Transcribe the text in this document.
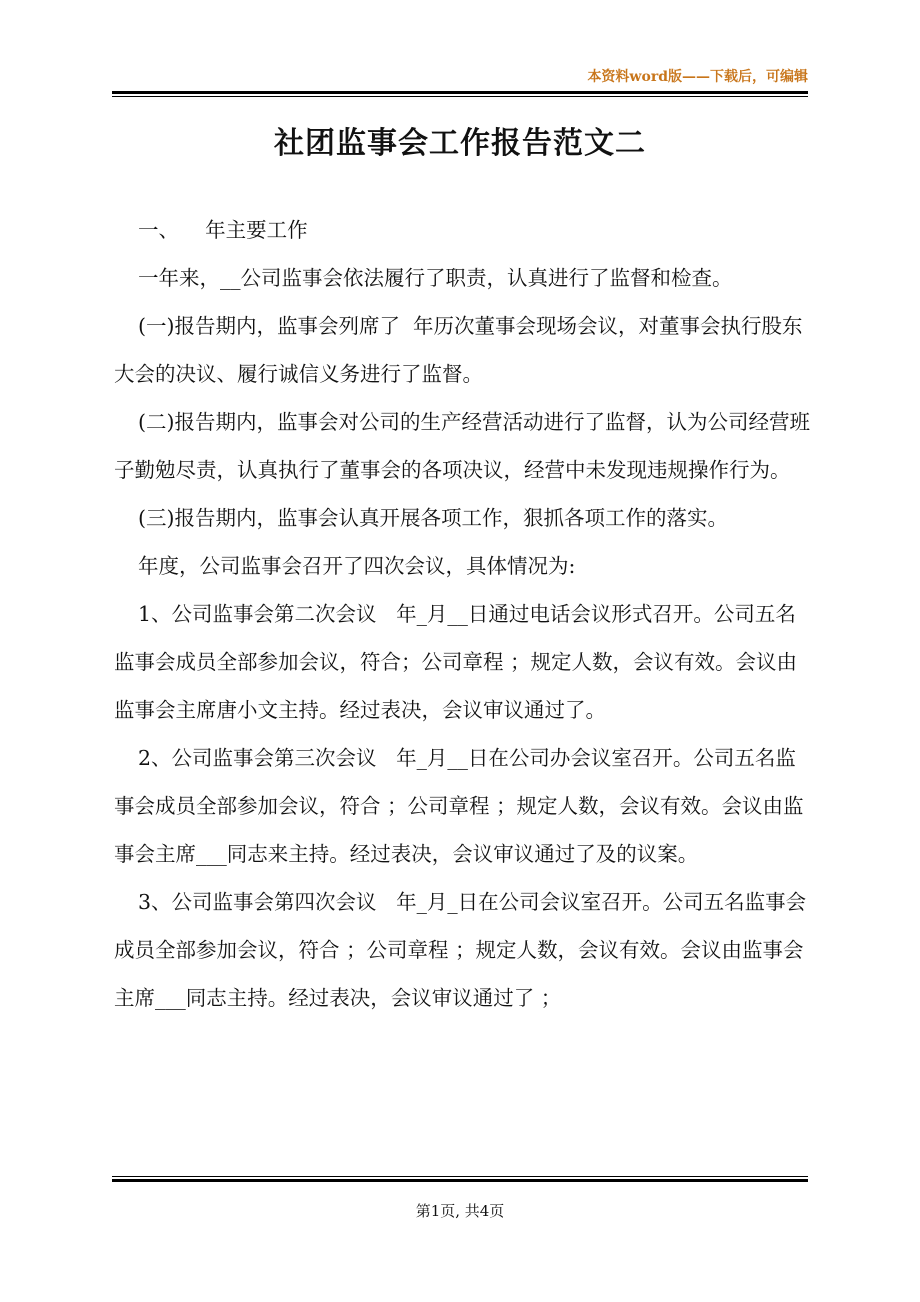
本资料word版——下载后，可编辑
社团监事会工作报告范文二

一、    年主要工作

一年来，__公司监事会依法履行了职责，认真进行了监督和检查。

(一)报告期内，监事会列席了  年历次董事会现场会议，对董事会执行股东大会的决议、履行诚信义务进行了监督。

(二)报告期内，监事会对公司的生产经营活动进行了监督，认为公司经营班子勤勉尽责，认真执行了董事会的各项决议，经营中未发现违规操作行为。

(三)报告期内，监事会认真开展各项工作，狠抓各项工作的落实。

年度，公司监事会召开了四次会议，具体情况为:

1、公司监事会第二次会议   年_月__日通过电话会议形式召开。公司五名监事会成员全部参加会议，符合；公司章程 ；规定人数，会议有效。会议由监事会主席唐小文主持。经过表决，会议审议通过了。

2、公司监事会第三次会议   年_月__日在公司办会议室召开。公司五名监事会成员全部参加会议，符合 ；公司章程 ；规定人数，会议有效。会议由监事会主席___同志来主持。经过表决，会议审议通过了及的议案。

3、公司监事会第四次会议   年_月_日在公司会议室召开。公司五名监事会成员全部参加会议，符合 ；公司章程 ；规定人数，会议有效。会议由监事会主席___同志主持。经过表决，会议审议通过了 ；

第1页, 共4页
